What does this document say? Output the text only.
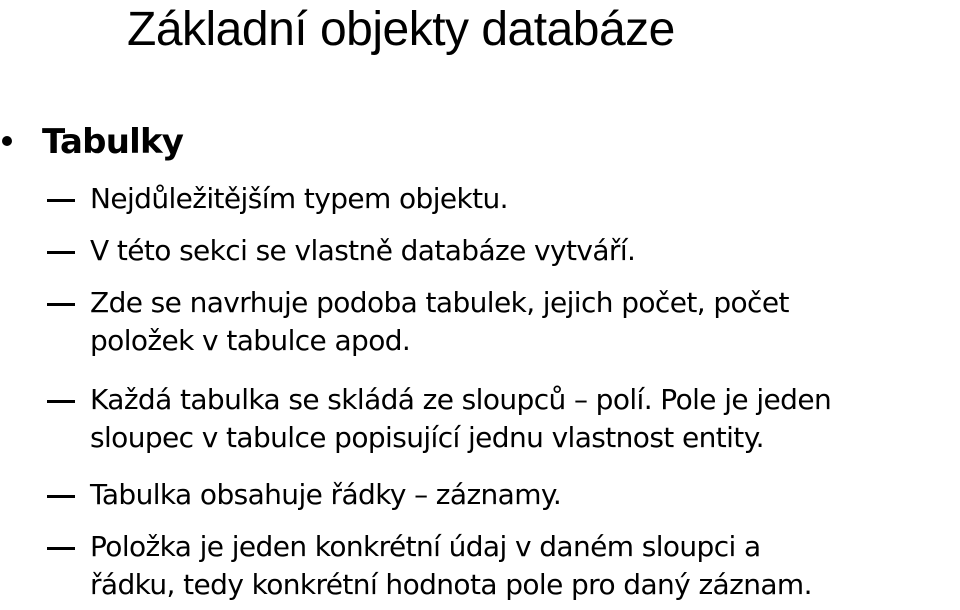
Základní objekty databáze
Tabulky
Nejdůležitějším typem objektu.
V této sekci se vlastně databáze vytváří.
Zde se navrhuje podoba tabulek, jejich počet, počet
položek v tabulce apod.
Každá tabulka se skládá ze sloupců – polí. Pole je jeden
sloupec v tabulce popisující jednu vlastnost entity.
Tabulka obsahuje řádky – záznamy.
Položka je jeden konkrétní údaj v daném sloupci a
řádku, tedy konkrétní hodnota pole pro daný záznam.
